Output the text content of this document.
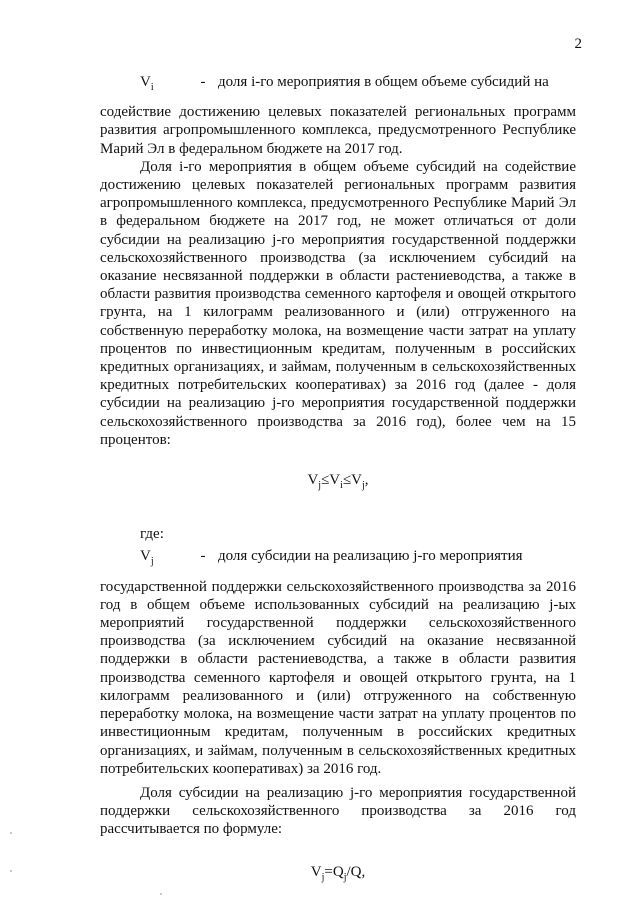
2
$V_i$	- доля i-го мероприятия в общем объеме субсидий на

содействие достижению целевых показателей региональных программ развития агропромышленного комплекса, предусмотренного Республике Марий Эл в федеральном бюджете на 2017 год.

Доля i-го мероприятия в общем объеме субсидий на содействие достижению целевых показателей региональных программ развития агропромышленного комплекса, предусмотренного Республике Марий Эл в федеральном бюджете на 2017 год, не может отличаться от доли субсидии на реализацию j-го мероприятия государственной поддержки сельскохозяйственного производства (за исключением субсидий на оказание несвязанной поддержки в области растениеводства, а также в области развития производства семенного картофеля и овощей открытого грунта, на 1 килограмм реализованного и (или) отгруженного на собственную переработку молока, на возмещение части затрат на уплату процентов по инвестиционным кредитам, полученным в российских кредитных организациях, и займам, полученным в сельскохозяйственных кредитных потребительских кооперативах) за 2016 год (далее - доля субсидии на реализацию j-го мероприятия государственной поддержки сельскохозяйственного производства за 2016 год), более чем на 15 процентов:

$V_j\le V_i\le V_j$,

где:

$V_j$	- доля субсидии на реализацию j-го мероприятия

государственной поддержки сельскохозяйственного производства за 2016 год в общем объеме использованных субсидий на реализацию j-ых мероприятий государственной поддержки сельскохозяйственного производства (за исключением субсидий на оказание несвязанной поддержки в области растениеводства, а также в области развития производства семенного картофеля и овощей открытого грунта, на 1 килограмм реализованного и (или) отгруженного на собственную переработку молока, на возмещение части затрат на уплату процентов по инвестиционным кредитам, полученным в российских кредитных организациях, и займам, полученным в сельскохозяйственных кредитных потребительских кооперативах) за 2016 год.

Доля субсидии на реализацию j-го мероприятия государственной поддержки сельскохозяйственного производства за 2016 год рассчитывается по формуле:

$V_j=Q_j/Q$,
